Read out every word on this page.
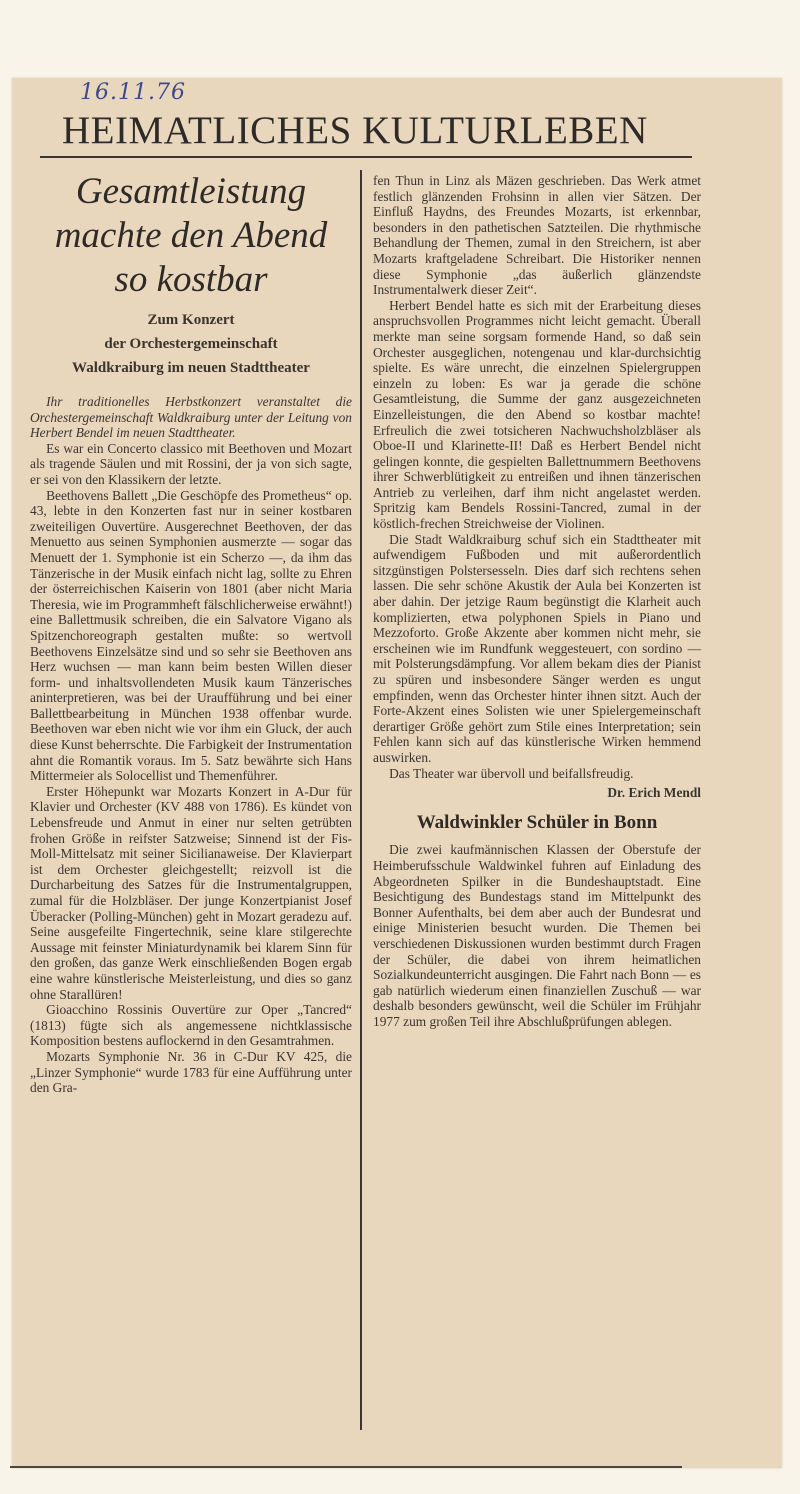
16.11.76
HEIMATLICHES KULTURLEBEN
Gesamtleistung
machte den Abend
so kostbar
Zum Konzert
der Orchestergemeinschaft
Waldkraiburg im neuen Stadttheater

Ihr traditionelles Herbstkonzert veranstaltet die Orchestergemeinschaft Waldkraiburg unter der Leitung von Herbert Bendel im neuen Stadttheater.

Es war ein Concerto classico mit Beethoven und Mozart als tragende Säulen und mit Rossini, der ja von sich sagte, er sei von den Klassikern der letzte.

Beethovens Ballett „Die Geschöpfe des Prometheus“ op. 43, lebte in den Konzerten fast nur in seiner kostbaren zweiteiligen Ouvertüre. Ausgerechnet Beethoven, der das Menuetto aus seinen Symphonien ausmerzte — sogar das Menuett der 1. Symphonie ist ein Scherzo —, da ihm das Tänzerische in der Musik einfach nicht lag, sollte zu Ehren der österreichischen Kaiserin von 1801 (aber nicht Maria Theresia, wie im Programmheft fälschlicherweise erwähnt!) eine Ballettmusik schreiben, die ein Salvatore Vigano als Spitzenchoreograph gestalten mußte: so wertvoll Beethovens Einzelsätze sind und so sehr sie Beethoven ans Herz wuchsen — man kann beim besten Willen dieser form- und inhaltsvollendeten Musik kaum Tänzerisches aninterpretieren, was bei der Uraufführung und bei einer Ballettbearbeitung in München 1938 offenbar wurde. Beethoven war eben nicht wie vor ihm ein Gluck, der auch diese Kunst beherrschte. Die Farbigkeit der Instrumentation ahnt die Romantik voraus. Im 5. Satz bewährte sich Hans Mittermeier als Solocellist und Themenführer.

Erster Höhepunkt war Mozarts Konzert in A-Dur für Klavier und Orchester (KV 488 von 1786). Es kündet von Lebensfreude und Anmut in einer nur selten getrübten frohen Größe in reifster Satzweise; Sinnend ist der Fis-Moll-Mittelsatz mit seiner Sicilianaweise. Der Klavierpart ist dem Orchester gleichgestellt; reizvoll ist die Durcharbeitung des Satzes für die Instrumentalgruppen, zumal für die Holzbläser. Der junge Konzertpianist Josef Überacker (Polling-München) geht in Mozart geradezu auf. Seine ausgefeilte Fingertechnik, seine klare stilgerechte Aussage mit feinster Miniaturdynamik bei klarem Sinn für den großen, das ganze Werk einschließenden Bogen ergab eine wahre künstlerische Meisterleistung, und dies so ganz ohne Starallüren!

Gioacchino Rossinis Ouvertüre zur Oper „Tancred“ (1813) fügte sich als angemessene nichtklassische Komposition bestens auflockernd in den Gesamtrahmen.

Mozarts Symphonie Nr. 36 in C-Dur KV 425, die „Linzer Symphonie“ wurde 1783 für eine Aufführung unter den Gra-

fen Thun in Linz als Mäzen geschrieben. Das Werk atmet festlich glänzenden Frohsinn in allen vier Sätzen. Der Einfluß Haydns, des Freundes Mozarts, ist erkennbar, besonders in den pathetischen Satzteilen. Die rhythmische Behandlung der Themen, zumal in den Streichern, ist aber Mozarts kraftgeladene Schreibart. Die Historiker nennen diese Symphonie „das äußerlich glänzendste Instrumentalwerk dieser Zeit“.

Herbert Bendel hatte es sich mit der Erarbeitung dieses anspruchsvollen Programmes nicht leicht gemacht. Überall merkte man seine sorgsam formende Hand, so daß sein Orchester ausgeglichen, notengenau und klar-durchsichtig spielte. Es wäre unrecht, die einzelnen Spielergruppen einzeln zu loben: Es war ja gerade die schöne Gesamtleistung, die Summe der ganz ausgezeichneten Einzelleistungen, die den Abend so kostbar machte! Erfreulich die zwei totsicheren Nachwuchsholzbläser als Oboe-II und Klarinette-II! Daß es Herbert Bendel nicht gelingen konnte, die gespielten Ballettnummern Beethovens ihrer Schwerblütigkeit zu entreißen und ihnen tänzerischen Antrieb zu verleihen, darf ihm nicht angelastet werden. Spritzig kam Bendels Rossini-Tancred, zumal in der köstlich-frechen Streichweise der Violinen.

Die Stadt Waldkraiburg schuf sich ein Stadttheater mit aufwendigem Fußboden und mit außerordentlich sitzgünstigen Polstersesseln. Dies darf sich rechtens sehen lassen. Die sehr schöne Akustik der Aula bei Konzerten ist aber dahin. Der jetzige Raum begünstigt die Klarheit auch komplizierten, etwa polyphonen Spiels in Piano und Mezzoforto. Große Akzente aber kommen nicht mehr, sie erscheinen wie im Rundfunk weggesteuert, con sordino — mit Polsterungsdämpfung. Vor allem bekam dies der Pianist zu spüren und insbesondere Sänger werden es ungut empfinden, wenn das Orchester hinter ihnen sitzt. Auch der Forte-Akzent eines Solisten wie uner Spielergemeinschaft derartiger Größe gehört zum Stile eines Interpretation; sein Fehlen kann sich auf das künstlerische Wirken hemmend auswirken.

Das Theater war übervoll und beifallsfreudig.

Dr. Erich Mendl
Waldwinkler Schüler in Bonn

Die zwei kaufmännischen Klassen der Oberstufe der Heimberufsschule Waldwinkel fuhren auf Einladung des Abgeordneten Spilker in die Bundeshauptstadt. Eine Besichtigung des Bundestags stand im Mittelpunkt des Bonner Aufenthalts, bei dem aber auch der Bundesrat und einige Ministerien besucht wurden. Die Themen bei verschiedenen Diskussionen wurden bestimmt durch Fragen der Schüler, die dabei von ihrem heimatlichen Sozialkundeunterricht ausgingen. Die Fahrt nach Bonn — es gab natürlich wiederum einen finanziellen Zuschuß — war deshalb besonders gewünscht, weil die Schüler im Frühjahr 1977 zum großen Teil ihre Abschlußprüfungen ablegen.
